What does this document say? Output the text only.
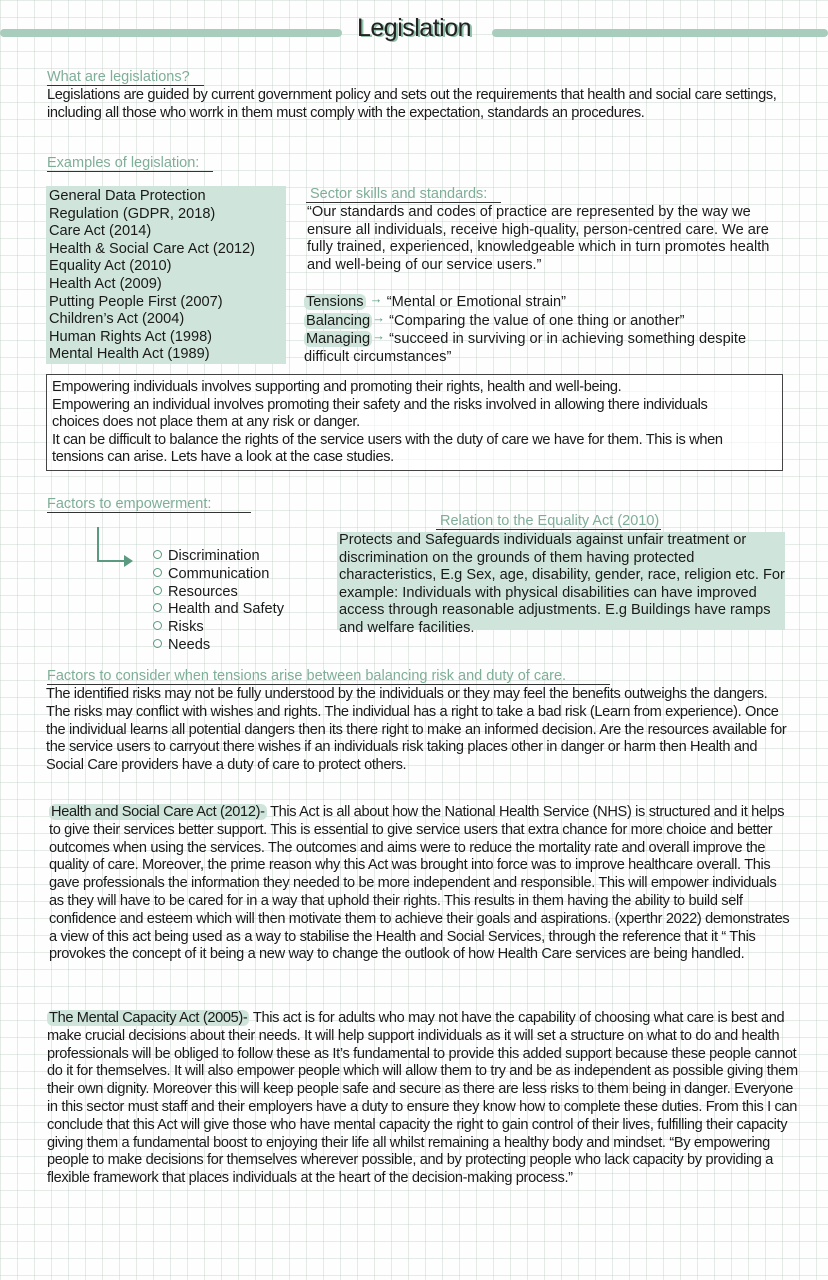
Legislation
What are legislations?
Legislations are guided by current government policy and sets out the requirements that health and social care settings, including all those who worrk in them must comply with the expectation, standards an procedures.
Examples of legislation:
General Data Protection
Regulation (GDPR, 2018)
Care Act (2014)
Health & Social Care Act (2012)
Equality Act (2010)
Health Act (2009)
Putting People First (2007)
Children’s Act (2004)
Human Rights Act (1998)
Mental Health Act (1989)
Sector skills and standards:
“Our standards and codes of practice are represented by the way we ensure all individuals, receive high-quality, person-centred care. We are fully trained, experienced, knowledgeable which in turn promotes health and well-being of our service users.”
Tensions → “Mental or Emotional strain”
Balancing → “Comparing the value of one thing or another”
Managing → “succeed in surviving or in achieving something despite difficult circumstances”
Empowering individuals involves supporting and promoting their rights, health and well-being.
Empowering an individual involves promoting their safety and the risks involved in allowing there individuals choices does not place them at any risk or danger.
It can be difficult to balance the rights of the service users with the duty of care we have for them. This is when tensions can arise. Lets have a look at the case studies.
Factors to empowerment:
Discrimination
Communication
Resources
Health and Safety
Risks
Needs
Relation to the Equality Act (2010)
Protects and Safeguards individuals against unfair treatment or discrimination on the grounds of them having protected characteristics, E.g Sex, age, disability, gender, race, religion etc. For example: Individuals with physical disabilities can have improved access through reasonable adjustments. E.g Buildings have ramps and welfare facilities.
Factors to consider when tensions arise between balancing risk and duty of care.
The identified risks may not be fully understood by the individuals or they may feel the benefits outweighs the dangers. The risks may conflict with wishes and rights. The individual has a right to take a bad risk (Learn from experience). Once the individual learns all potential dangers then its there right to make an informed decision. Are the resources available for the service users to carryout there wishes if an individuals risk taking places other in danger or harm then Health and Social Care providers have a duty of care to protect others.
Health and Social Care Act (2012)- This Act is all about how the National Health Service (NHS) is structured and it helps to give their services better support. This is essential to give service users that extra chance for more choice and better outcomes when using the services. The outcomes and aims were to reduce the mortality rate and overall improve the quality of care. Moreover, the prime reason why this Act was brought into force was to improve healthcare overall. This gave professionals the information they needed to be more independent and responsible. This will empower individuals as they will have to be cared for in a way that uphold their rights. This results in them having the ability to build self confidence and esteem which will then motivate them to achieve their goals and aspirations. (xperthr 2022) demonstrates a view of this act being used as a way to stabilise the Health and Social Services, through the reference that it “ This provokes the concept of it being a new way to change the outlook of how Health Care services are being handled.
The Mental Capacity Act (2005)- This act is for adults who may not have the capability of choosing what care is best and make crucial decisions about their needs. It will help support individuals as it will set a structure on what to do and health professionals will be obliged to follow these as It’s fundamental to provide this added support because these people cannot do it for themselves. It will also empower people which will allow them to try and be as independent as possible giving them their own dignity. Moreover this will keep people safe and secure as there are less risks to them being in danger. Everyone in this sector must staff and their employers have a duty to ensure they know how to complete these duties. From this I can conclude that this Act will give those who have mental capacity the right to gain control of their lives, fulfilling their capacity giving them a fundamental boost to enjoying their life all whilst remaining a healthy body and mindset. “By empowering people to make decisions for themselves wherever possible, and by protecting people who lack capacity by providing a flexible framework that places individuals at the heart of the decision-making process.”
